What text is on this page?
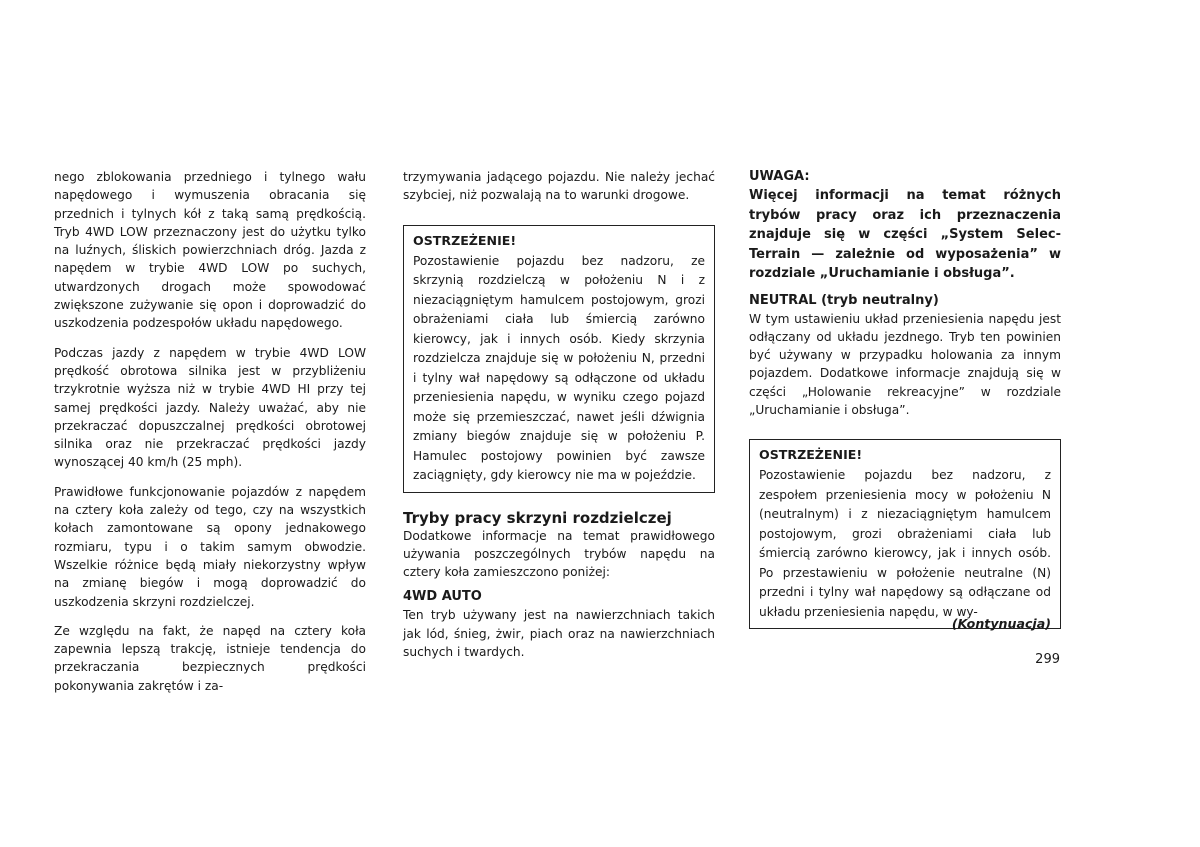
nego zblokowania przedniego i tylnego wału napędowego i wymuszenia obracania się przednich i tylnych kół z taką samą prędkością. Tryb 4WD LOW przeznaczony jest do użytku tylko na luźnych, śliskich powierzchniach dróg. Jazda z napędem w trybie 4WD LOW po suchych, utwardzonych drogach może spowodować zwiększone zużywanie się opon i doprowadzić do uszkodzenia podzespołów układu napędowego.

Podczas jazdy z napędem w trybie 4WD LOW prędkość obrotowa silnika jest w przybliżeniu trzykrotnie wyższa niż w trybie 4WD HI przy tej samej prędkości jazdy. Należy uważać, aby nie przekraczać dopuszczalnej prędkości obrotowej silnika oraz nie przekraczać prędkości jazdy wynoszącej 40 km/h (25 mph).

Prawidłowe funkcjonowanie pojazdów z napędem na cztery koła zależy od tego, czy na wszystkich kołach zamontowane są opony jednakowego rozmiaru, typu i o takim samym obwodzie. Wszelkie różnice będą miały niekorzystny wpływ na zmianę biegów i mogą doprowadzić do uszkodzenia skrzyni rozdzielczej.

Ze względu na fakt, że napęd na cztery koła zapewnia lepszą trakcję, istnieje tendencja do przekraczania bezpiecznych prędkości pokonywania zakrętów i za-

trzymywania jadącego pojazdu. Nie należy jechać szybciej, niż pozwalają na to warunki drogowe.

OSTRZEŻENIE!

Pozostawienie pojazdu bez nadzoru, ze skrzynią rozdzielczą w położeniu N i z niezaciągniętym hamulcem postojowym, grozi obrażeniami ciała lub śmiercią zarówno kierowcy, jak i innych osób. Kiedy skrzynia rozdzielcza znajduje się w położeniu N, przedni i tylny wał napędowy są odłączone od układu przeniesienia napędu, w wyniku czego pojazd może się przemieszczać, nawet jeśli dźwignia zmiany biegów znajduje się w położeniu P. Hamulec postojowy powinien być zawsze zaciągnięty, gdy kierowcy nie ma w pojeździe.

Tryby pracy skrzyni rozdzielczej

Dodatkowe informacje na temat prawidłowego używania poszczególnych trybów napędu na cztery koła zamieszczono poniżej:

4WD AUTO

Ten tryb używany jest na nawierzchniach takich jak lód, śnieg, żwir, piach oraz na nawierzchniach suchych i twardych.

UWAGA:
Więcej informacji na temat różnych trybów pracy oraz ich przeznaczenia znajduje się w części „System Selec-Terrain — zależnie od wyposażenia” w rozdziale „Uruchamianie i obsługa”.
NEUTRAL (tryb neutralny)

W tym ustawieniu układ przeniesienia napędu jest odłączany od układu jezdnego. Tryb ten powinien być używany w przypadku holowania za innym pojazdem. Dodatkowe informacje znajdują się w części „Holowanie rekreacyjne” w rozdziale „Uruchamianie i obsługa”.

OSTRZEŻENIE!

Pozostawienie pojazdu bez nadzoru, z zespołem przeniesienia mocy w położeniu N (neutralnym) i z niezaciągniętym hamulcem postojowym, grozi obrażeniami ciała lub śmiercią zarówno kierowcy, jak i innych osób. Po przestawieniu w położenie neutralne (N) przedni i tylny wał napędowy są odłączane od układu przeniesienia napędu, w wy-

(Kontynuacja)
299
